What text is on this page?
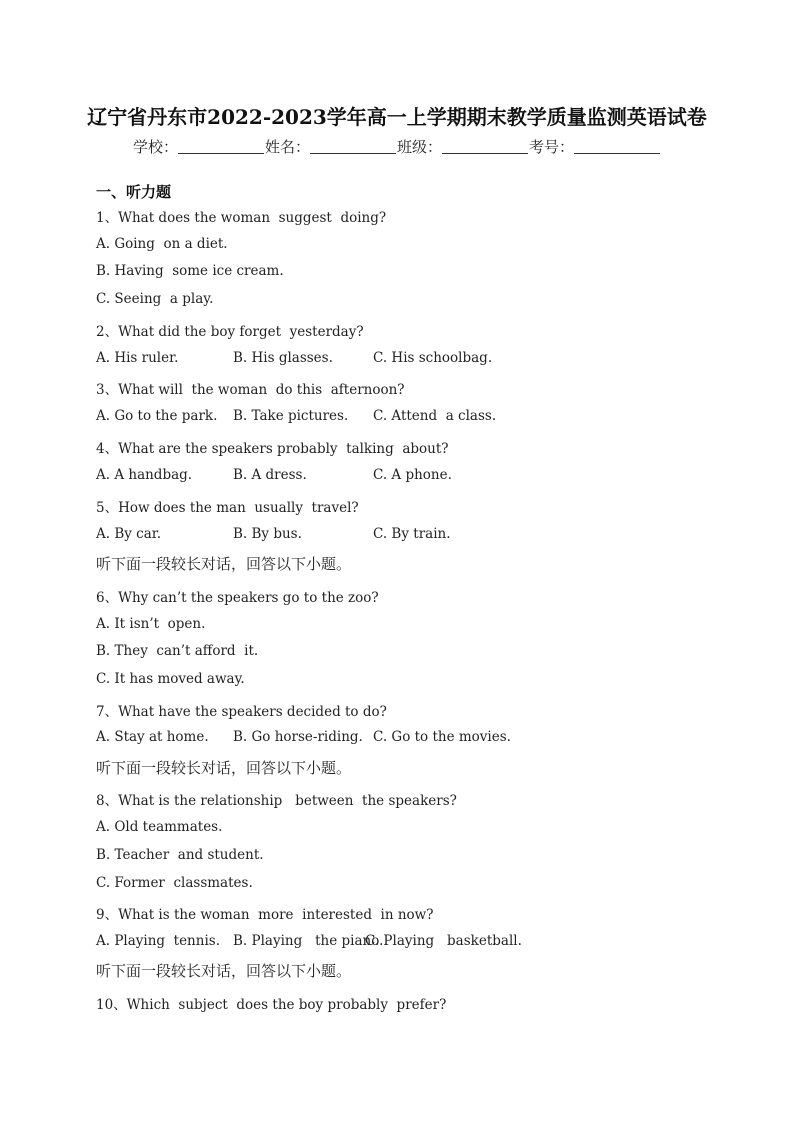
辽宁省丹东市2022-2023学年高一上学期期末教学质量监测英语试卷
学校：	姓名：	班级：	考号：
一、听力题
1、What does the woman  suggest  doing?
A. Going  on a diet.
B. Having  some ice cream.
C. Seeing  a play.
2、What did the boy forget  yesterday?
A. His ruler.	B. His glasses.	C. His schoolbag.
3、What will  the woman  do this  afternoon?
A. Go to the park. B. Take pictures. C. Attend  a class.
4、What are the speakers probably  talking  about?
A. A handbag.	B. A dress.	C. A phone.
5、How does the man  usually  travel?
A. By car.	B. By bus.	C. By train.
听下面一段较长对话，回答以下小题。
6、Why can’t the speakers go to the zoo?
A. It isn’t  open.
B. They  can’t afford  it.
C. It has moved away.
7、What have the speakers decided to do?
A. Stay at home. B. Go horse-riding. C. Go to the movies.
听下面一段较长对话，回答以下小题。
8、What is the relationship   between  the speakers?
A. Old teammates.
B. Teacher  and student.
C. Former  classmates.
9、What is the woman  more  interested  in now?
A. Playing  tennis. B. Playing   the piano.
C. Playing   basketball.
听下面一段较长对话，回答以下小题。
10、Which  subject  does the boy probably  prefer?
